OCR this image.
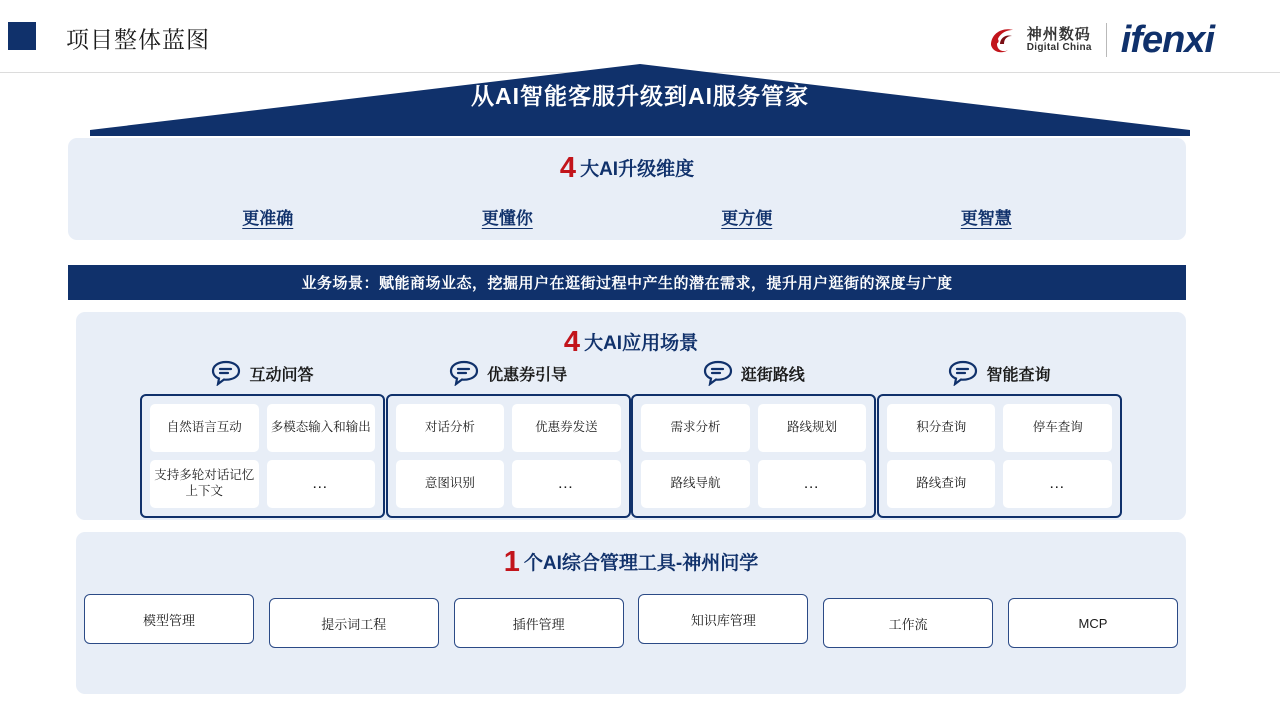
项目整体蓝图	神州数码
Digital China ifenxi
从AI智能客服升级到AI服务管家
4 大AI升级维度
更准确	更懂你	更方便	更智慧
业务场景：赋能商场业态，挖掘用户在逛街过程中产生的潜在需求，提升用户逛街的深度与广度
4 大AI应用场景
互动问答
自然语言互动	多模态输入和输出
支持多轮对话记忆上下文	…
优惠券引导
对话分析	优惠券发送
意图识别	…
逛街路线
需求分析	路线规划
路线导航	…
智能查询
积分查询	停车查询
路线查询	…
1 个AI综合管理工具-神州问学
模型管理	提示词工程	插件管理	知识库管理	工作流	MCP
